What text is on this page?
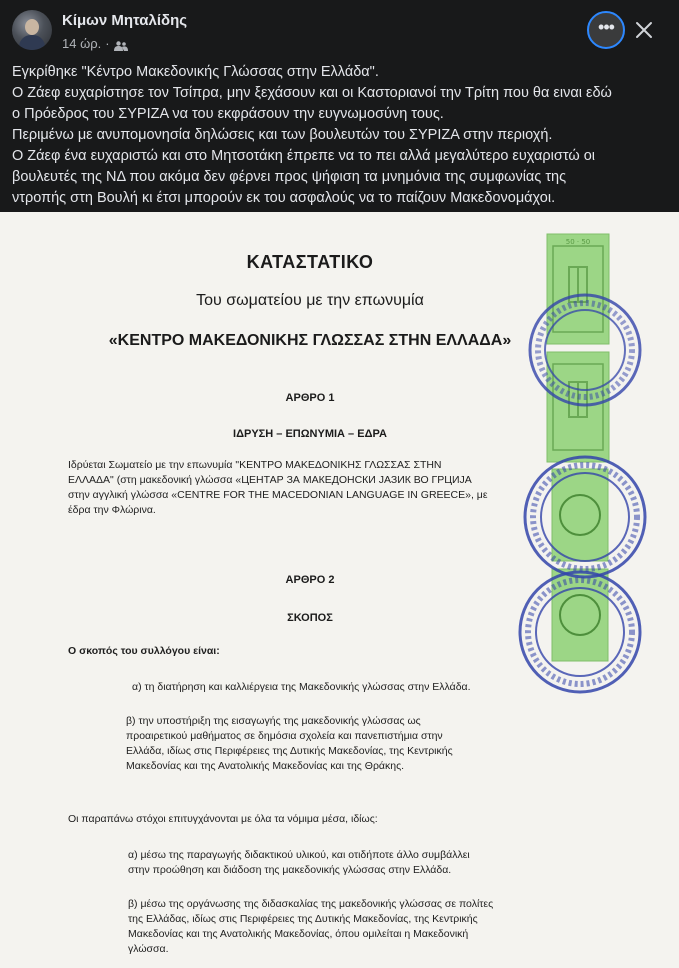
Κίμων Μηταλίδης
14 ώρ. ·
•••

Εγκρίθηκε "Κέντρο Μακεδονικής Γλώσσας στην Ελλάδα".

Ο Ζάεφ ευχαρίστησε τον Τσίπρα, μην ξεχάσουν και οι Καστοριανοί την Τρίτη που θα ειναι εδώ

ο Πρόεδρος του ΣΥΡΙΖΑ να του εκφράσουν την ευγνωμοσύνη τους.

Περιμένω με ανυπομονησία δηλώσεις και των βουλευτών του ΣΥΡΙΖΑ στην περιοχή.

Ο Ζάεφ ένα ευχαριστώ και στο Μητσοτάκη έπρεπε να το πει αλλά μεγαλύτερο ευχαριστώ οι

βουλευτές της ΝΔ που ακόμα δεν φέρνει προς ψήφιση τα μνημόνια της συμφωνίας της

ντροπής στη Βουλή κι έτσι μπορούν εκ του ασφαλούς να το παίζουν Μακεδονομάχοι.

50 · 50
ΚΑΤΑΣΤΑΤΙΚΟ
Του σωματείου με την επωνυμία
«ΚΕΝΤΡΟ ΜΑΚΕΔΟΝΙΚΗΣ ΓΛΩΣΣΑΣ ΣΤΗΝ ΕΛΛΑΔΑ»
ΑΡΘΡΟ 1
ΙΔΡΥΣΗ – ΕΠΩΝΥΜΙΑ – ΕΔΡΑ
Ιδρύεται Σωματείο με την επωνυμία "ΚΕΝΤΡΟ ΜΑΚΕΔΟΝΙΚΗΣ ΓΛΩΣΣΑΣ ΣΤΗΝ
ΕΛΛΑΔΑ" (στη μακεδονική γλώσσα «ЦЕНТАР ЗА МАКЕДОНСКИ ЈАЗИК ВО ГРЦИЈА
στην αγγλική γλώσσα «CENTRE FOR THE MACEDONIAN LANGUAGE IN GREECE», με
έδρα την Φλώρινα.
ΑΡΘΡΟ 2
ΣΚΟΠΟΣ
Ο σκοπός του συλλόγου είναι:
α) τη διατήρηση και καλλιέργεια της Μακεδονικής γλώσσας στην Ελλάδα.
β) την υποστήριξη της εισαγωγής της μακεδονικής γλώσσας ως
προαιρετικού μαθήματος σε δημόσια σχολεία και πανεπιστήμια στην
Ελλάδα, ιδίως στις Περιφέρειες της Δυτικής Μακεδονίας, της Κεντρικής
Μακεδονίας και της Ανατολικής Μακεδονίας και της Θράκης.
Οι παραπάνω στόχοι επιτυγχάνονται με όλα τα νόμιμα μέσα, ιδίως:
α) μέσω της παραγωγής διδακτικού υλικού, και οτιδήποτε άλλο συμβάλλει
στην προώθηση και διάδοση της μακεδονικής γλώσσας στην Ελλάδα.
β) μέσω της οργάνωσης της διδασκαλίας της μακεδονικής γλώσσας σε πολίτες
της Ελλάδας, ιδίως στις Περιφέρειες της Δυτικής Μακεδονίας, της Κεντρικής
Μακεδονίας και της Ανατολικής Μακεδονίας, όπου ομιλείται η Μακεδονική
γλώσσα.
